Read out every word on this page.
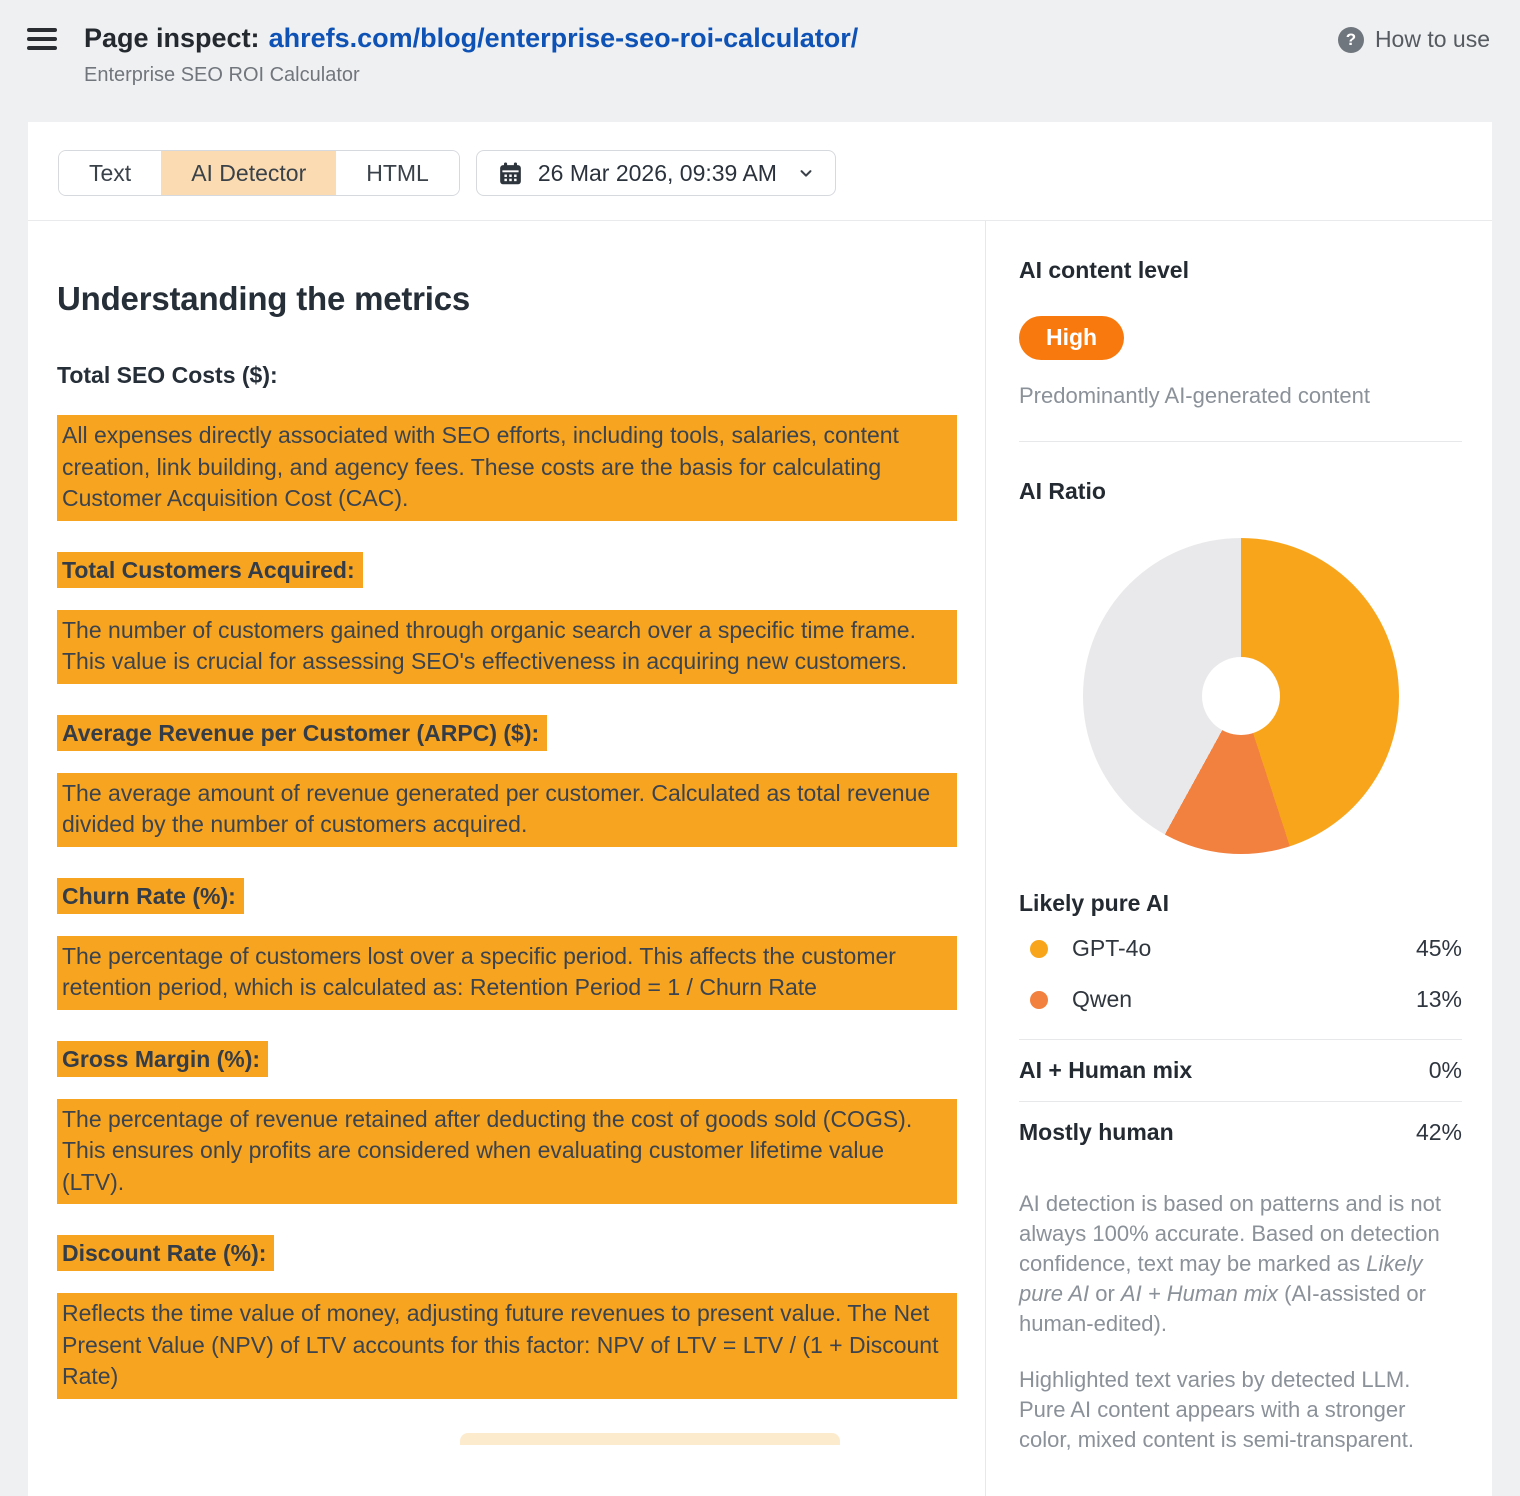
Page inspect: ahrefs.com/blog/enterprise-seo-roi-calculator/
Enterprise SEO ROI Calculator
? How to use
Text	AI Detector	HTML	26 Mar 2026, 09:39 AM
Understanding the metrics
Total SEO Costs ($):

All expenses directly associated with SEO efforts, including tools, salaries, content creation, link building, and agency fees. These costs are the basis for calculating Customer Acquisition Cost (CAC).

Total Customers Acquired:

The number of customers gained through organic search over a specific time frame. This value is crucial for assessing SEO's effectiveness in acquiring new customers.

Average Revenue per Customer (ARPC) ($):

The average amount of revenue generated per customer. Calculated as total revenue divided by the number of customers acquired.

Churn Rate (%):

The percentage of customers lost over a specific period. This affects the customer retention period, which is calculated as: Retention Period = 1 / Churn Rate

Gross Margin (%):

The percentage of revenue retained after deducting the cost of goods sold (COGS). This ensures only profits are considered when evaluating customer lifetime value (LTV).

Discount Rate (%):

Reflects the time value of money, adjusting future revenues to present value. The Net Present Value (NPV) of LTV accounts for this factor: NPV of LTV = LTV / (1 + Discount Rate)

AI content level
High
Predominantly AI-generated content
AI Ratio
Likely pure AI
GPT-4o	45%
Qwen	13%
AI + Human mix	0%
Mostly human	42%

AI detection is based on patterns and is not always 100% accurate. Based on detection confidence, text may be marked as Likely pure AI or AI + Human mix (AI-assisted or human-edited).

Highlighted text varies by detected LLM. Pure AI content appears with a stronger color, mixed content is semi-transparent.
